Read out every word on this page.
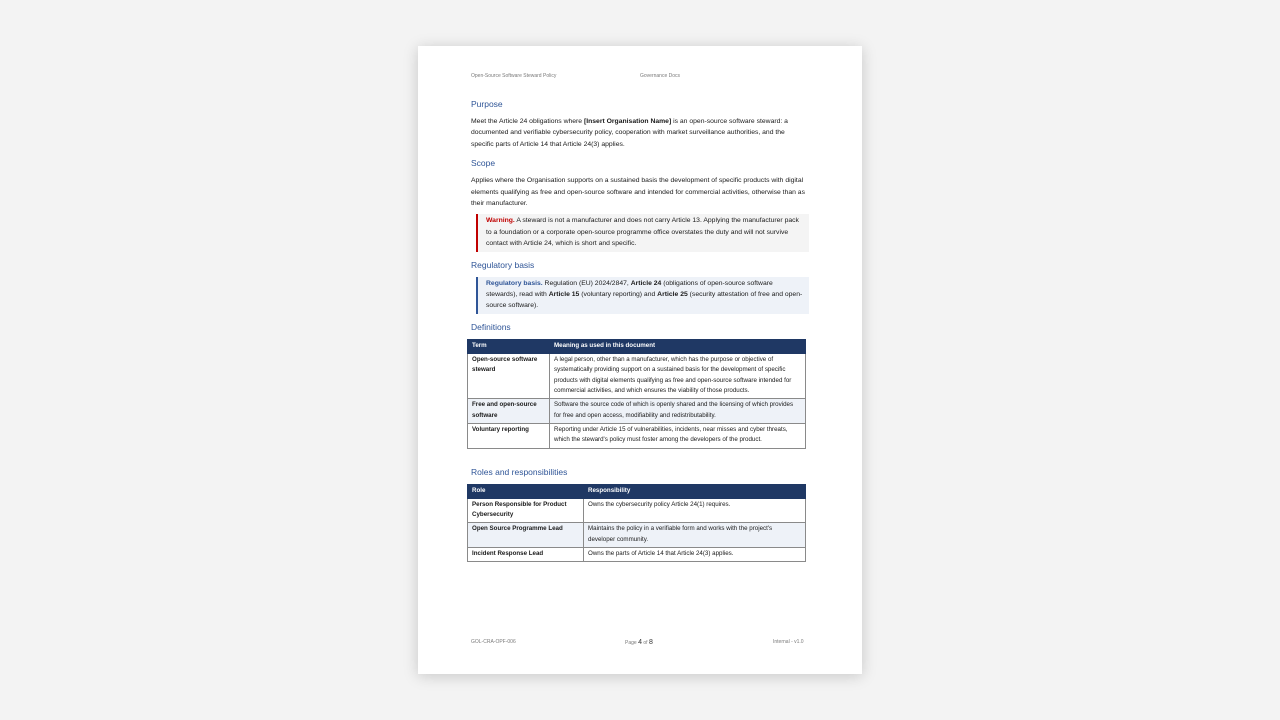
Open-Source Software Steward Policy	Governance Docs
Purpose

Meet the Article 24 obligations where [Insert Organisation Name] is an open-source software steward: a documented and verifiable cybersecurity policy, cooperation with market surveillance authorities, and the specific parts of Article 14 that Article 24(3) applies.

Scope

Applies where the Organisation supports on a sustained basis the development of specific products with digital elements qualifying as free and open-source software and intended for commercial activities, otherwise than as their manufacturer.

Warning. A steward is not a manufacturer and does not carry Article 13. Applying the manufacturer pack to a foundation or a corporate open-source programme office overstates the duty and will not survive contact with Article 24, which is short and specific.
Regulatory basis
Regulatory basis. Regulation (EU) 2024/2847, Article 24 (obligations of open-source software stewards), read with Article 15 (voluntary reporting) and Article 25 (security attestation of free and open-source software).
Definitions
Term	Meaning as used in this document
Open-source software steward	A legal person, other than a manufacturer, which has the purpose or objective of systematically providing support on a sustained basis for the development of specific products with digital elements qualifying as free and open-source software intended for commercial activities, and which ensures the viability of those products.
Free and open-source software	Software the source code of which is openly shared and the licensing of which provides for free and open access, modifiability and redistributability.
Voluntary reporting	Reporting under Article 15 of vulnerabilities, incidents, near misses and cyber threats, which the steward's policy must foster among the developers of the product.
Roles and responsibilities
Role	Responsibility
Person Responsible for Product Cybersecurity	Owns the cybersecurity policy Article 24(1) requires.
Open Source Programme Lead	Maintains the policy in a verifiable form and works with the project's developer community.
Incident Response Lead	Owns the parts of Article 14 that Article 24(3) applies.
GOL-CRA-OPF-006	Page 4 of 8	Internal - v1.0
